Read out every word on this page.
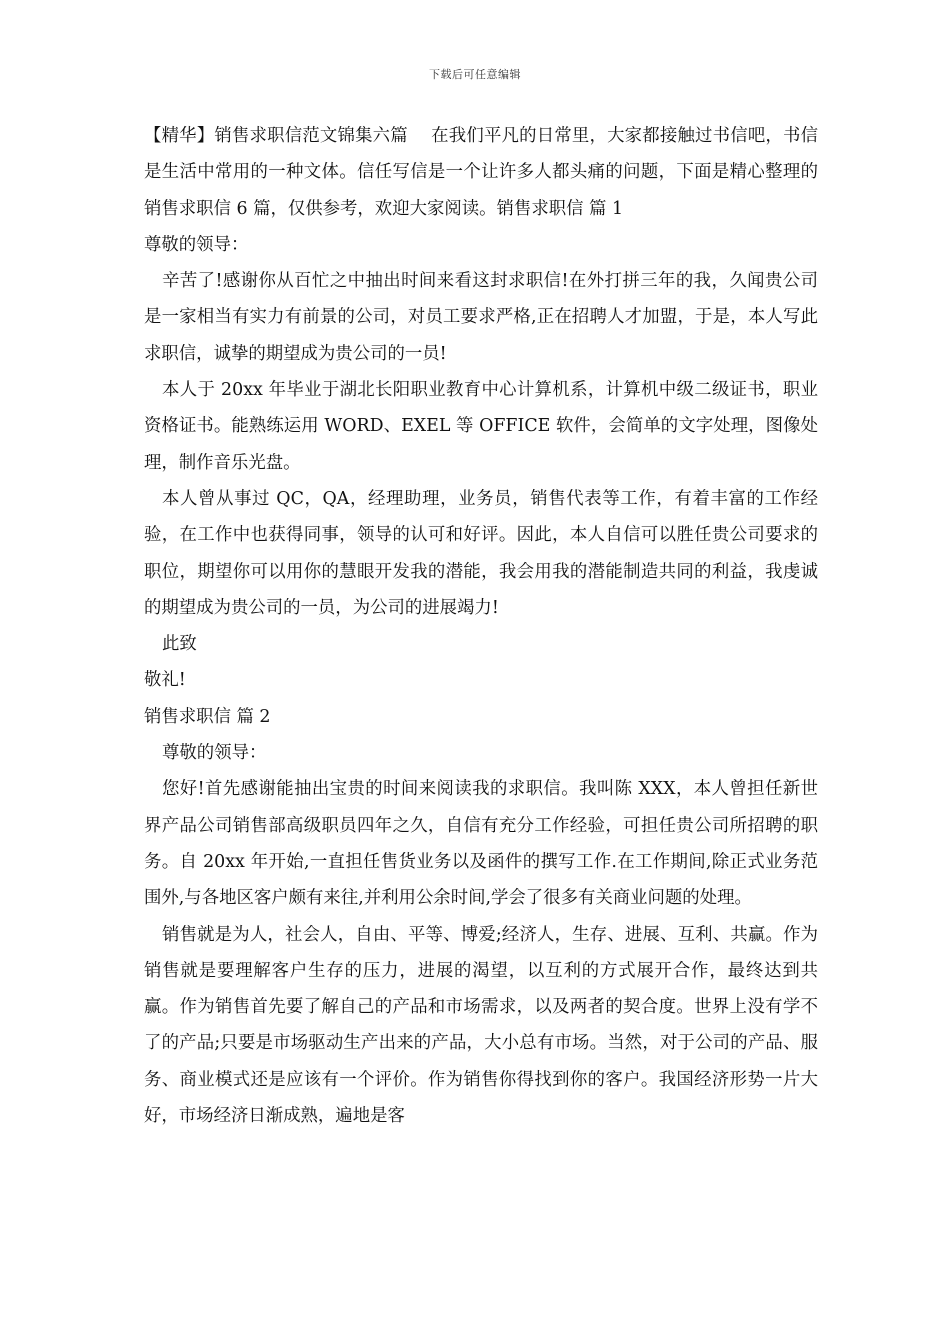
下载后可任意编辑

【精华】销售求职信范文锦集六篇　 在我们平凡的日常里，大家都接触过书信吧，书信是生活中常用的一种文体。信任写信是一个让许多人都头痛的问题，下面是精心整理的销售求职信 6 篇，仅供参考，欢迎大家阅读。销售求职信 篇 1

尊敬的领导：

辛苦了!感谢你从百忙之中抽出时间来看这封求职信!在外打拼三年的我，久闻贵公司是一家相当有实力有前景的公司，对员工要求严格,正在招聘人才加盟，于是，本人写此求职信，诚挚的期望成为贵公司的一员!

本人于 20xx 年毕业于湖北长阳职业教育中心计算机系，计算机中级二级证书，职业资格证书。能熟练运用 WORD、EXEL 等 OFFICE 软件，会简单的文字处理，图像处理，制作音乐光盘。

本人曾从事过 QC，QA，经理助理，业务员，销售代表等工作，有着丰富的工作经验，在工作中也获得同事，领导的认可和好评。因此，本人自信可以胜任贵公司要求的职位，期望你可以用你的慧眼开发我的潜能，我会用我的潜能制造共同的利益，我虔诚的期望成为贵公司的一员，为公司的进展竭力!

此致

敬礼!

销售求职信 篇 2

尊敬的领导：

您好!首先感谢能抽出宝贵的时间来阅读我的求职信。我叫陈 XXX，本人曾担任新世界产品公司销售部高级职员四年之久，自信有充分工作经验，可担任贵公司所招聘的职务。自 20xx 年开始,一直担任售货业务以及函件的撰写工作.在工作期间,除正式业务范围外,与各地区客户颇有来往,并利用公余时间,学会了很多有关商业问题的处理。

销售就是为人，社会人，自由、平等、博爱;经济人，生存、进展、互利、共赢。作为销售就是要理解客户生存的压力，进展的渴望，以互利的方式展开合作，最终达到共赢。作为销售首先要了解自己的产品和市场需求，以及两者的契合度。世界上没有学不了的产品;只要是市场驱动生产出来的产品，大小总有市场。当然，对于公司的产品、服务、商业模式还是应该有一个评价。作为销售你得找到你的客户。我国经济形势一片大好，市场经济日渐成熟，遍地是客
